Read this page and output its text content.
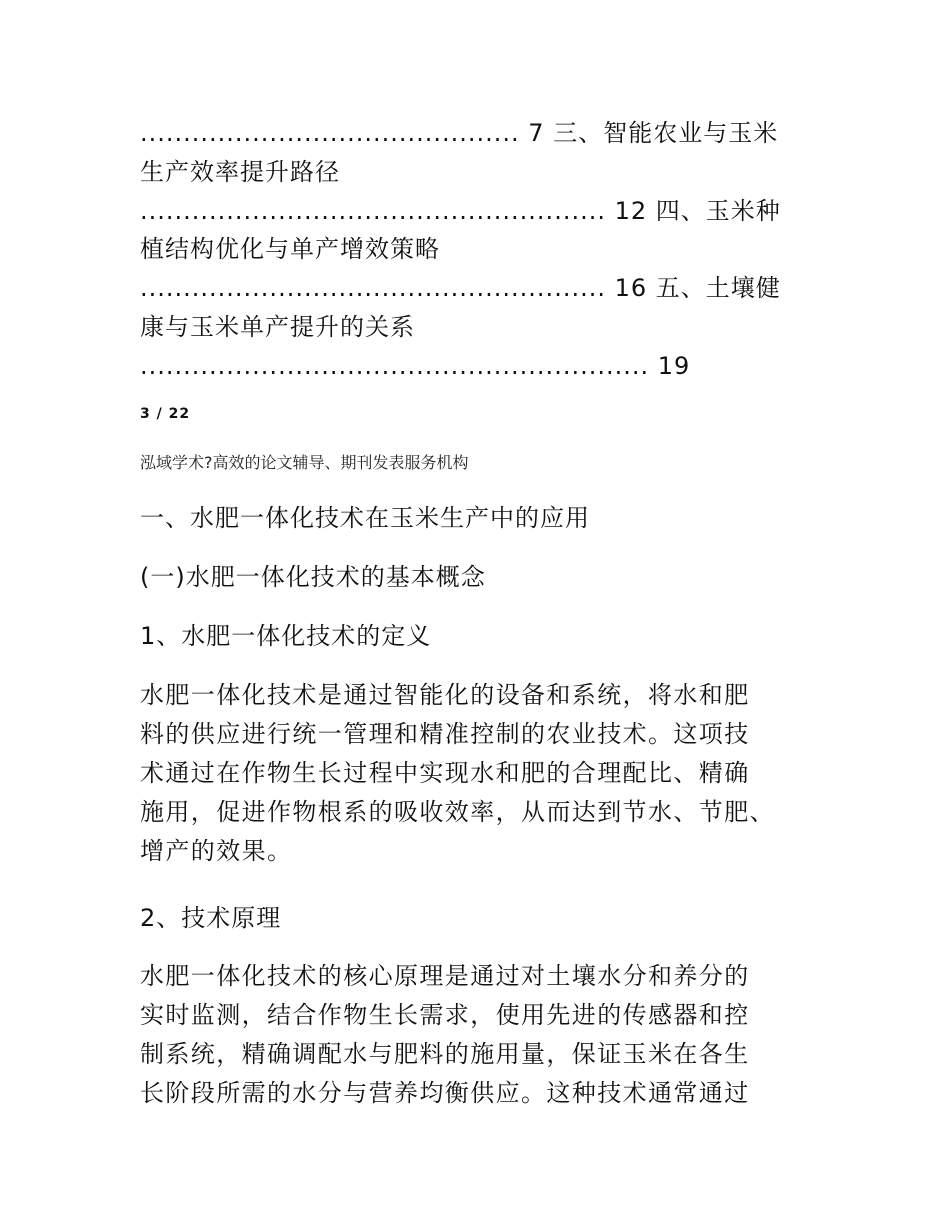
............................................ 7 三、智能农业与玉米
生产效率提升路径
...................................................... 12 四、玉米种
植结构优化与单产增效策略
...................................................... 16 五、土壤健
康与玉米单产提升的关系
........................................................... 19
3 / 22
泓域学术?高效的论文辅导、期刊发表服务机构
一、水肥一体化技术在玉米生产中的应用
(一)水肥一体化技术的基本概念
1、水肥一体化技术的定义
水肥一体化技术是通过智能化的设备和系统，将水和肥
料的供应进行统一管理和精准控制的农业技术。这项技
术通过在作物生长过程中实现水和肥的合理配比、精确
施用，促进作物根系的吸收效率，从而达到节水、节肥、
增产的效果。
2、技术原理
水肥一体化技术的核心原理是通过对土壤水分和养分的
实时监测，结合作物生长需求，使用先进的传感器和控
制系统，精确调配水与肥料的施用量，保证玉米在各生
长阶段所需的水分与营养均衡供应。这种技术通常通过
